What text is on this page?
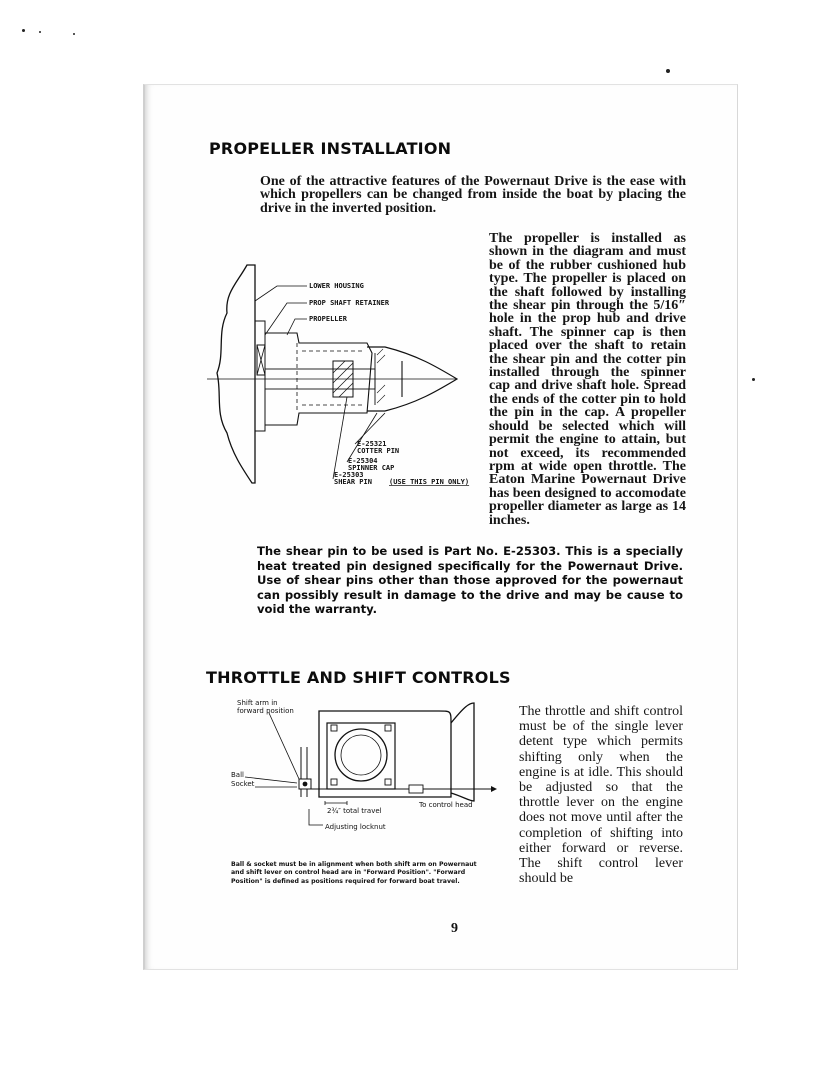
PROPELLER INSTALLATION

One of the attractive features of the Powernaut Drive is the ease with which propellers can be changed from inside the boat by placing the drive in the inverted position.

LOWER HOUSING
PROP SHAFT RETAINER
PROPELLER
E-25321
COTTER PIN
E-25304
SPINNER CAP
E-25303
SHEAR PIN (USE THIS PIN ONLY)

The propeller is installed as shown in the diagram and must be of the rubber cushioned hub type. The propeller is placed on the shaft followed by installing the shear pin through the 5/16″ hole in the prop hub and drive shaft. The spinner cap is then placed over the shaft to retain the shear pin and the cotter pin installed through the spinner cap and drive shaft hole. Spread the ends of the cotter pin to hold the pin in the cap. A propeller should be selected which will permit the engine to attain, but not exceed, its recommended rpm at wide open throttle. The Eaton Marine Powernaut Drive has been designed to accomodate propeller diameter as large as 14 inches.

The shear pin to be used is Part No. E-25303. This is a specially heat treated pin designed specifically for the Powernaut Drive. Use of shear pins other than those approved for the powernaut can possibly result in damage to the drive and may be cause to void the warranty.

THROTTLE AND SHIFT CONTROLS
Shift arm in
forward position
Ball
Socket
2¾″ total travel
To control head
Adjusting locknut

Ball & socket must be in alignment when both shift arm on Powernaut and shift lever on control head are in "Forward Position". "Forward Position" is defined as positions required for forward boat travel.

The throttle and shift control must be of the single lever detent type which permits shifting only when the engine is at idle. This should be adjusted so that the throttle lever on the engine does not move until after the completion of shifting into either forward or reverse. The shift control lever should be

9
